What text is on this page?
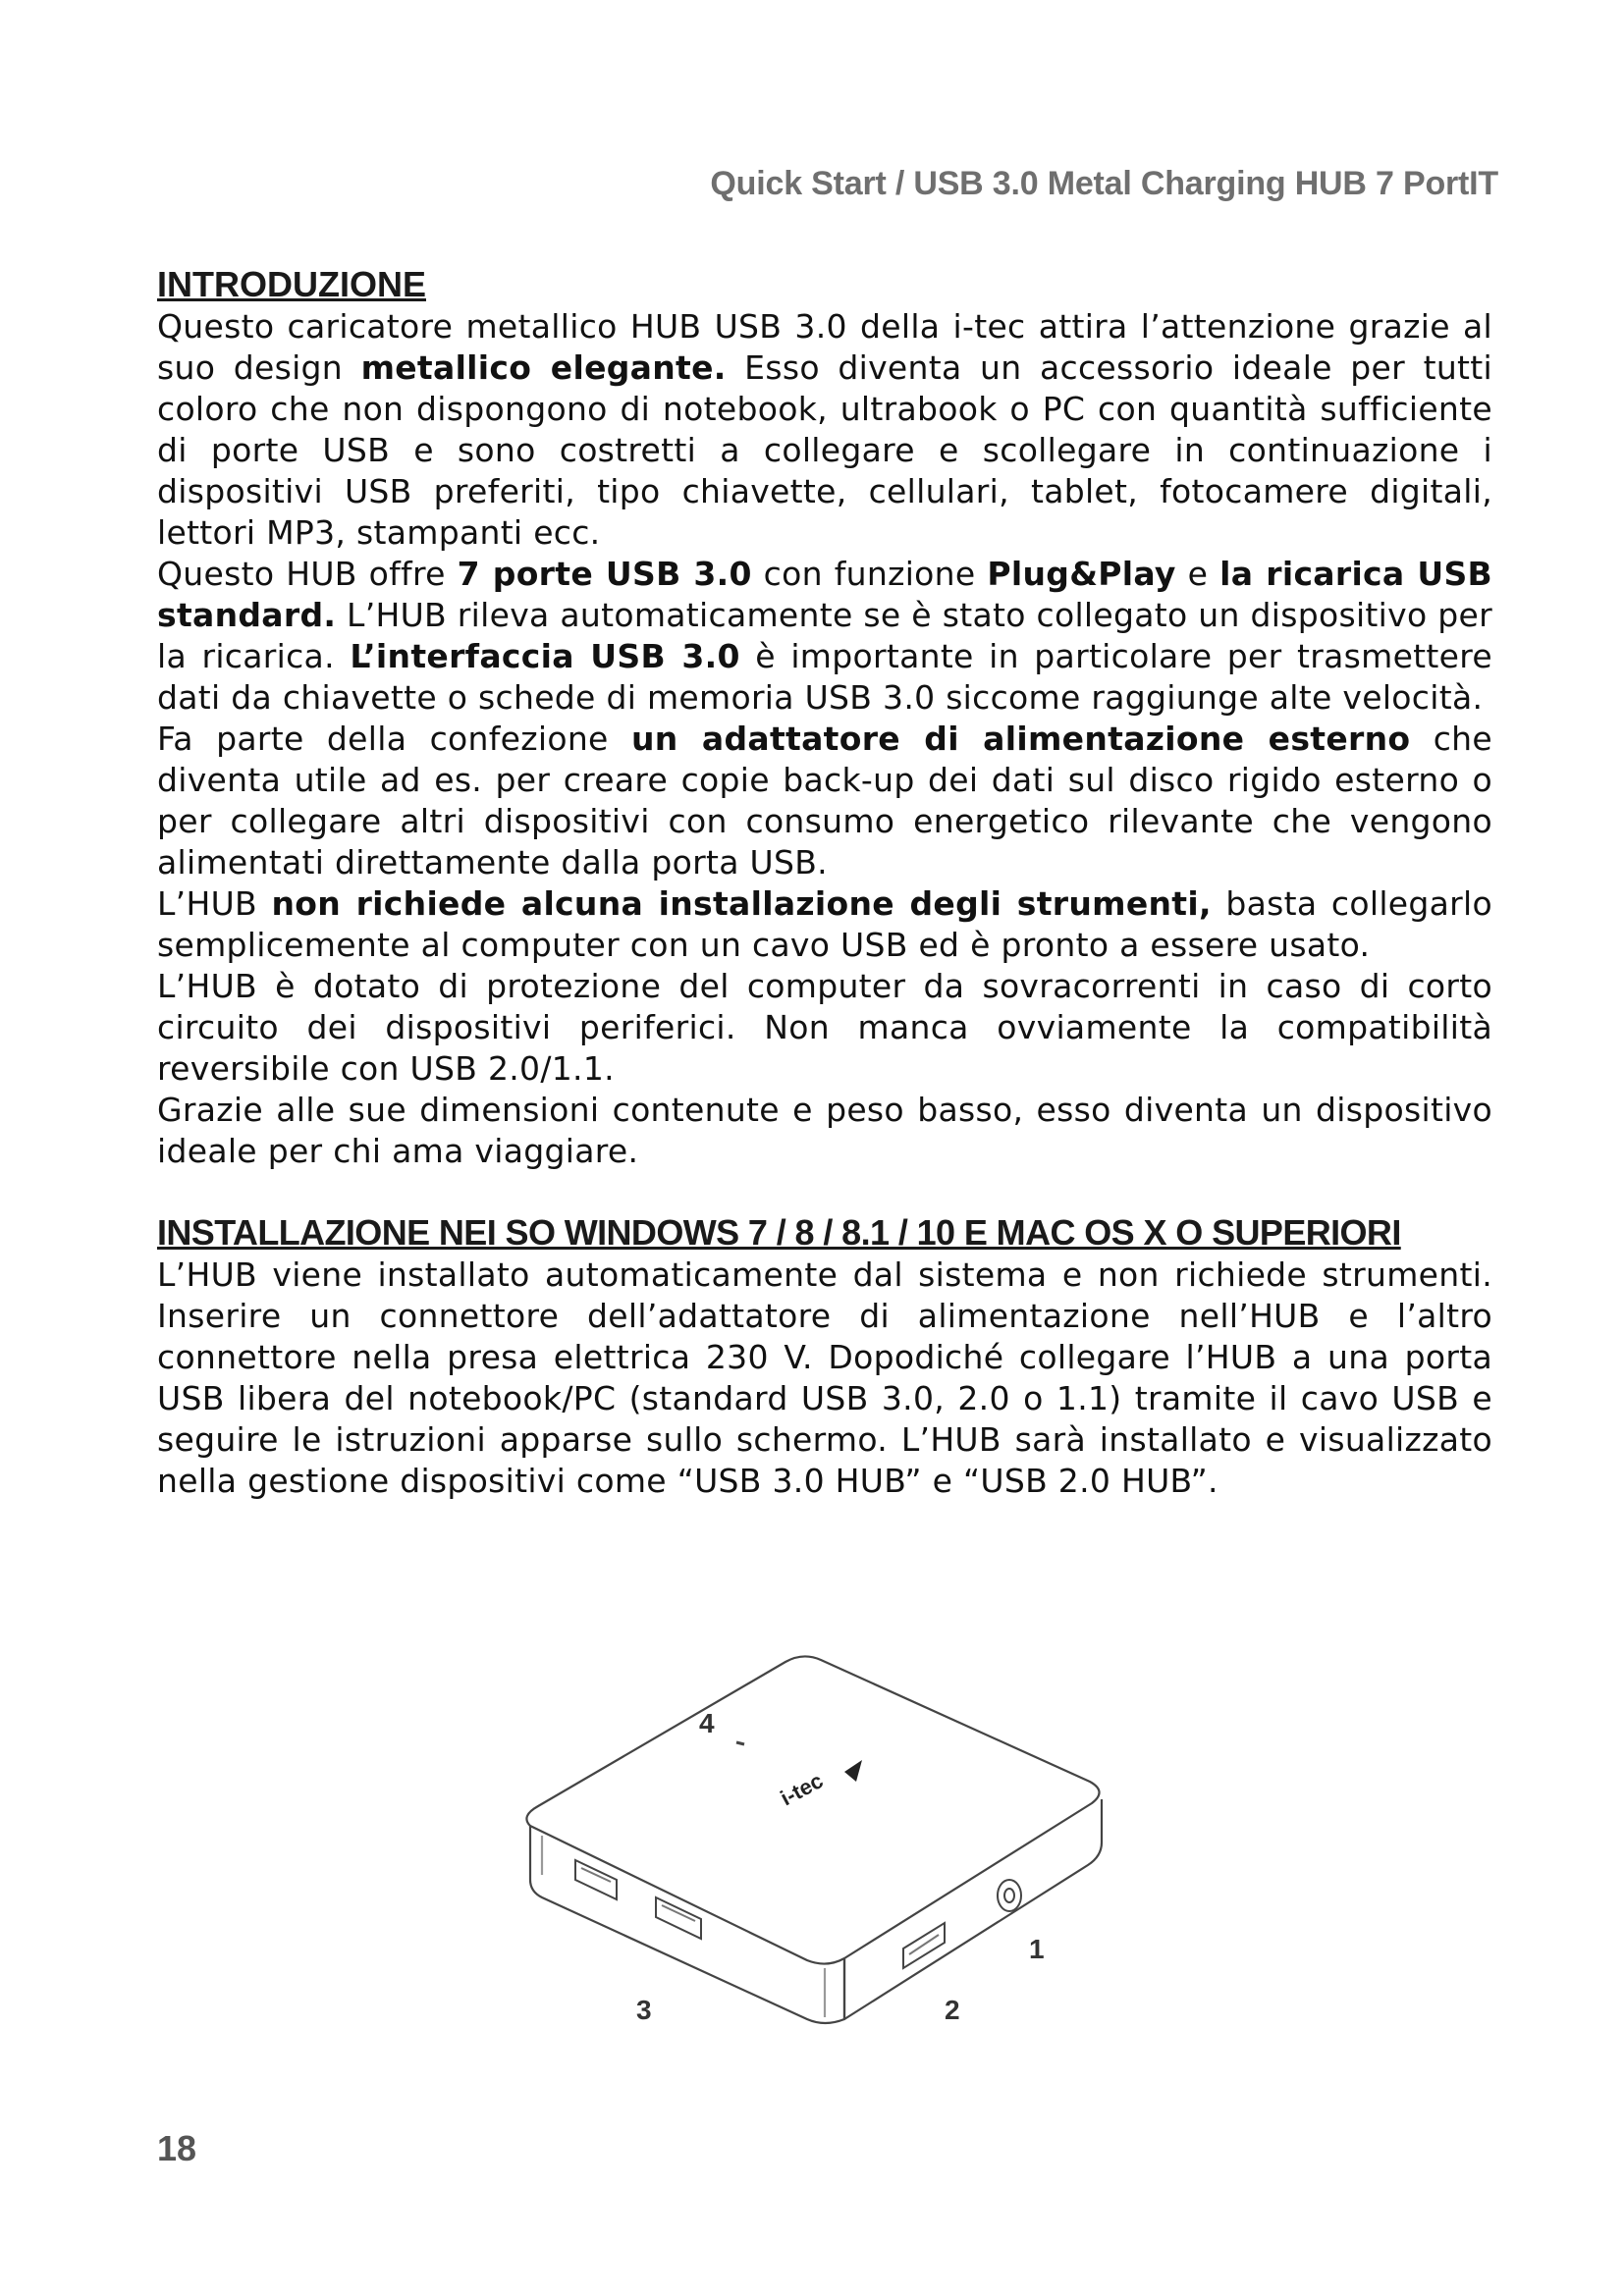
Quick Start / USB 3.0 Metal Charging HUB 7 PortIT
INTRODUZIONE

Questo caricatore metallico HUB USB 3.0 della i-tec attira l’attenzione grazie al suo design metallico elegante. Esso diventa un accessorio ideale per tutti coloro che non dispongono di notebook, ultrabook o PC con quantità sufficiente di porte USB e sono costretti a collegare e scollegare in continuazione i dispositivi USB preferiti, tipo chiavette, cellulari, tablet, fotocamere digitali, lettori MP3, stampanti ecc.

Questo HUB offre 7 porte USB 3.0 con funzione Plug&Play e la ricarica USB standard. L’HUB rileva automaticamente se è stato collegato un dispositivo per la ricarica. L’interfaccia USB 3.0 è importante in particolare per trasmettere dati da chiavette o schede di memoria USB 3.0 siccome raggiunge alte velocità.

Fa parte della confezione un adattatore di alimentazione esterno che diventa utile ad es. per creare copie back-up dei dati sul disco rigido esterno o per collegare altri dispositivi con consumo energetico rilevante che vengono alimentati direttamente dalla porta USB.

L’HUB non richiede alcuna installazione degli strumenti, basta collegarlo semplicemente al computer con un cavo USB ed è pronto a essere usato.

L’HUB è dotato di protezione del computer da sovracorrenti in caso di corto circuito dei dispositivi periferici. Non manca ovviamente la compatibilità reversibile con USB 2.0/1.1.

Grazie alle sue dimensioni contenute e peso basso, esso diventa un dispositivo ideale per chi ama viaggiare.

INSTALLAZIONE NEI SO WINDOWS 7 / 8 / 8.1 / 10 E MAC OS X O SUPERIORI

L’HUB viene installato automaticamente dal sistema e non richiede strumenti. Inserire un connettore dell’adattatore di alimentazione nell’HUB e l’altro connettore nella presa elettrica 230 V. Dopodiché collegare l’HUB a una porta USB libera del notebook/PC (standard USB 3.0, 2.0 o 1.1) tramite il cavo USB e seguire le istruzioni apparse sullo schermo. L’HUB sarà installato e visualizzato nella gestione dispositivi come “USB 3.0 HUB” e “USB 2.0 HUB”.

i-tec
4
1
2
3
18
